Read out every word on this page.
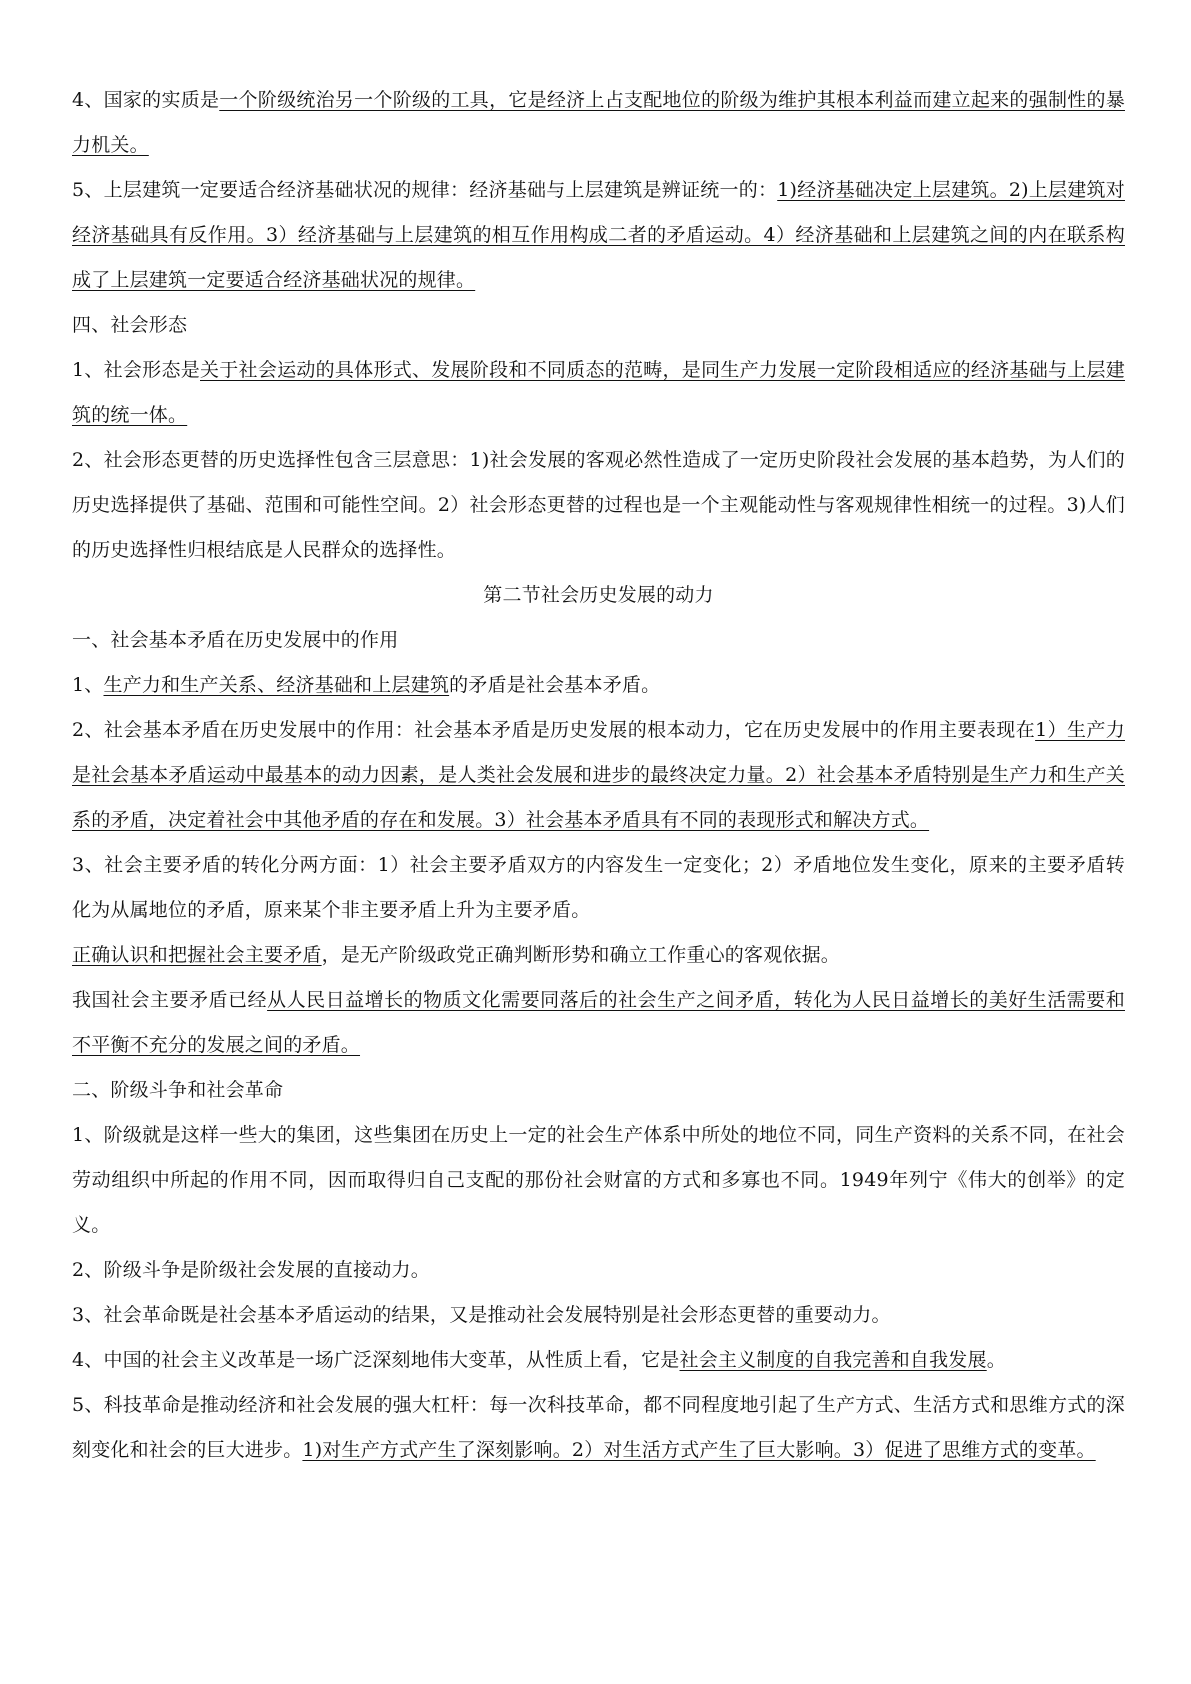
4、国家的实质是一个阶级统治另一个阶级的工具，它是经济上占支配地位的阶级为维护其根本利益而建立起来的强制性的暴力机关。

5、上层建筑一定要适合经济基础状况的规律：经济基础与上层建筑是辨证统一的：1)经济基础决定上层建筑。2)上层建筑对经济基础具有反作用。3）经济基础与上层建筑的相互作用构成二者的矛盾运动。4）经济基础和上层建筑之间的内在联系构成了上层建筑一定要适合经济基础状况的规律。

四、社会形态

1、社会形态是关于社会运动的具体形式、发展阶段和不同质态的范畴，是同生产力发展一定阶段相适应的经济基础与上层建筑的统一体。

2、社会形态更替的历史选择性包含三层意思：1)社会发展的客观必然性造成了一定历史阶段社会发展的基本趋势，为人们的历史选择提供了基础、范围和可能性空间。2）社会形态更替的过程也是一个主观能动性与客观规律性相统一的过程。3)人们的历史选择性归根结底是人民群众的选择性。

第二节社会历史发展的动力

一、社会基本矛盾在历史发展中的作用

1、生产力和生产关系、经济基础和上层建筑的矛盾是社会基本矛盾。

2、社会基本矛盾在历史发展中的作用：社会基本矛盾是历史发展的根本动力，它在历史发展中的作用主要表现在1）生产力是社会基本矛盾运动中最基本的动力因素，是人类社会发展和进步的最终决定力量。2）社会基本矛盾特别是生产力和生产关系的矛盾，决定着社会中其他矛盾的存在和发展。3）社会基本矛盾具有不同的表现形式和解决方式。

3、社会主要矛盾的转化分两方面：1）社会主要矛盾双方的内容发生一定变化；2）矛盾地位发生变化，原来的主要矛盾转化为从属地位的矛盾，原来某个非主要矛盾上升为主要矛盾。

正确认识和把握社会主要矛盾，是无产阶级政党正确判断形势和确立工作重心的客观依据。

我国社会主要矛盾已经从人民日益增长的物质文化需要同落后的社会生产之间矛盾，转化为人民日益增长的美好生活需要和不平衡不充分的发展之间的矛盾。

二、阶级斗争和社会革命

1、阶级就是这样一些大的集团，这些集团在历史上一定的社会生产体系中所处的地位不同，同生产资料的关系不同，在社会劳动组织中所起的作用不同，因而取得归自己支配的那份社会财富的方式和多寡也不同。1949年列宁《伟大的创举》的定义。

2、阶级斗争是阶级社会发展的直接动力。

3、社会革命既是社会基本矛盾运动的结果，又是推动社会发展特别是社会形态更替的重要动力。

4、中国的社会主义改革是一场广泛深刻地伟大变革，从性质上看，它是社会主义制度的自我完善和自我发展。

5、科技革命是推动经济和社会发展的强大杠杆：每一次科技革命，都不同程度地引起了生产方式、生活方式和思维方式的深刻变化和社会的巨大进步。1)对生产方式产生了深刻影响。2）对生活方式产生了巨大影响。3）促进了思维方式的变革。
